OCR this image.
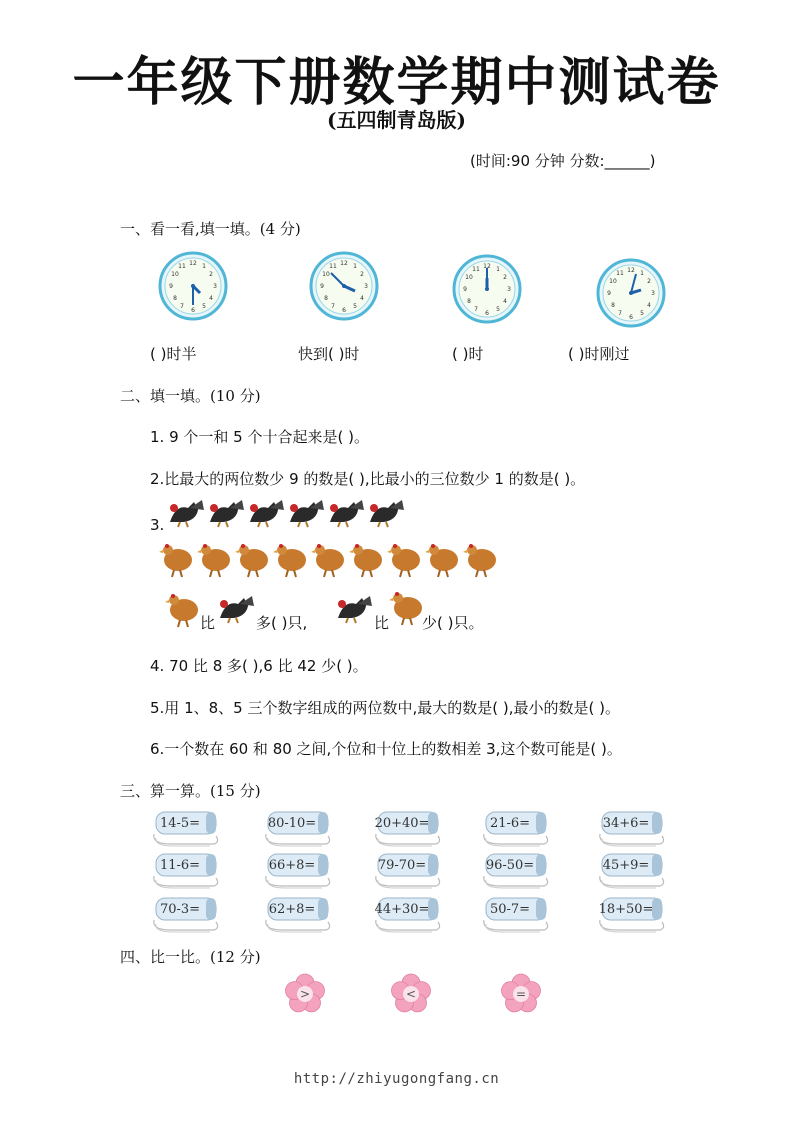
一年级下册数学期中测试卷
(五四制青岛版)
(时间:90 分钟 分数:______)
一、看一看,填一填。(4 分)
12 1
2
3
4
5
6
7
8
9
10
11	12 1
2
3
4
5
6
7
8
9
10
11	12 1
2
3
4
5
6
7
8
9
10
11	12 1
2
3
4
5
6
7
8
9
10
11
( )时半	快到( )时	( )时	( )时刚过
二、填一填。(10 分)
1. 9 个一和 5 个十合起来是( )。
2.比最大的两位数少 9 的数是( ),比最小的三位数少 1 的数是( )。
3.
比	多( )只,	比 少( )只。
4. 70 比 8 多( ),6 比 42 少( )。
5.用 1、8、5 三个数字组成的两位数中,最大的数是( ),最小的数是( )。
6.一个数在 60 和 80 之间,个位和十位上的数相差 3,这个数可能是( )。
三、算一算。(15 分)
14-5=	80-10=	20+40=	21-6=	34+6=
11-6=	66+8=	79-70=	96-50=	45+9=
70-3=	62+8=	44+30=	50-7=	18+50=
四、比一比。(12 分)
>	<	=
http://zhiyugongfang.cn
